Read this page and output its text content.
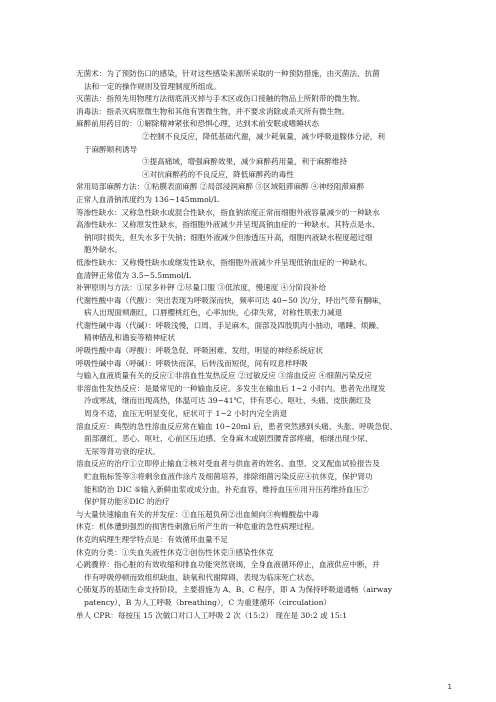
无菌术：为了预防伤口的感染，针对这些感染来源所采取的一种预防措施，由灭菌法、抗菌
法和一定的操作规则及管理制度所组成。
灭菌法：指预先用物理方法彻底消灭掉与手术区或伤口接触的物品上所附带的微生物。
消毒法：指杀灭病原微生物和其他有害微生物，并不要求消除或杀灭所有微生物。
麻醉前用药目的：①解除精神紧张和恐惧心理，达到术前安眠或嗜睡状态
②控制不良反应，降低基础代谢，减少耗氧量，减少呼吸道腺体分泌，利
于麻醉顺利诱导
③提高痛域，增强麻醉效果，减少麻醉药用量，利于麻醉维持
④对抗麻醉药的不良反应，降低麻醉药的毒性
常用局部麻醉方法：①粘膜表面麻醉 ②局部浸润麻醉 ③区域阻滞麻醉 ④神经阻滞麻醉
正常人血清钠浓度约为 136~145mmol/L
等渗性缺水：又称急性缺水或混合性缺水，指血钠浓度正常而细胞外液容量减少的一种缺水
高渗性缺水：又称原发性缺水，指细胞外液减少并呈现高钠血症的一种缺水。其特点是水、
钠同时损失，但失水多于失钠；细胞外液减少但渗透压升高，细胞内液缺水程度超过细
胞外缺水。
低渗性缺水：又称慢性缺水或继发性缺水，指细胞外液减少并呈现低钠血症的一种缺水。
血清钾正常值为 3.5~5.5mmol/L
补钾原则与方法：①尿多补钾 ②尽量口服 ③低浓度，慢速度 ④分阶段补给
代谢性酸中毒（代酸）：突出表现为呼吸深而快，频率可达 40~50 次/分，呼出气带有酮味，
病人出现面颊潮红，口唇樱桃红色，心率加快，心律失常，对称性肌张力减退
代谢性碱中毒（代碱）：呼吸浅慢，口周、手足麻木，面部及四肢肌肉小抽动，嗜睡、烦躁、
精神错乱和谵妄等精神症状
呼吸性酸中毒（呼酸）：呼吸急促、呼吸困难、发绀，明显的神经系统症状
呼吸性碱中毒（呼碱）：呼吸快而深，后转浅而短促，间有叹息样呼吸
与输入血液质量有关的反应①非溶血性发热反应 ②过敏反应 ③溶血反应 ④细菌污染反应
非溶血性发热反应：是最常见的一种输血反应。多发生在输血后 1~2 小时内。患者先出现发
冷或寒战，继而出现高热，体温可达 39~41℃，伴有恶心、呕吐、头痛、皮肤潮红及
周身不适，血压无明显变化，症状可于 1~2 小时内完全消退
溶血反应：典型的急性溶血反应常在输血 10~20ml 后，患者突然感到头痛、头胀、呼吸急促、
面部潮红、恶心、呕吐、心前区压迫感、全身麻木或剧烈腰背部疼痛，相继出现少尿、
无尿等肾功衰的症状。
溶血反应的治疗①立即停止输血②核对受血者与供血者的姓名、血型、交叉配血试验报告及
贮血瓶标签等③将剩余血液作涂片及细菌培养，排除细菌污染反应④抗休克，保护肾功
能和防治 DIC ⑤输入新鲜血浆或成分血，补充血容，维持血压⑥用升压药维持血压⑦
保护肾功能⑧DIC 的治疗
与大量快速输血有关的并发症：①血压超负荷②出血倾向③枸橼酸盐中毒
休克：机体遭到强烈的损害性刺激后所产生的一种危重的急性病理过程。
休克的病理生理学特点是：有效循环血量不足
休克的分类：①失血失液性休克②创伤性休克③感染性休克
心跳骤停：指心脏的有效收缩和排血功能突然衰竭，全身血液循环停止，血液供应中断，并
伴有呼吸停顿而致组织缺血、缺氧和代谢障碍，表现为临床死亡状态。
心肺复苏的基础生命支持阶段，主要措施为 A、B、C 程序，即 A 为保持呼吸道通畅（airway
patency），B 为人工呼吸（breathing），C 为重建循环（circulation）
单人 CPR：每按压 15 次做口对口人工呼吸 2 次（15:2） 现在是 30:2 或 15:1
1
